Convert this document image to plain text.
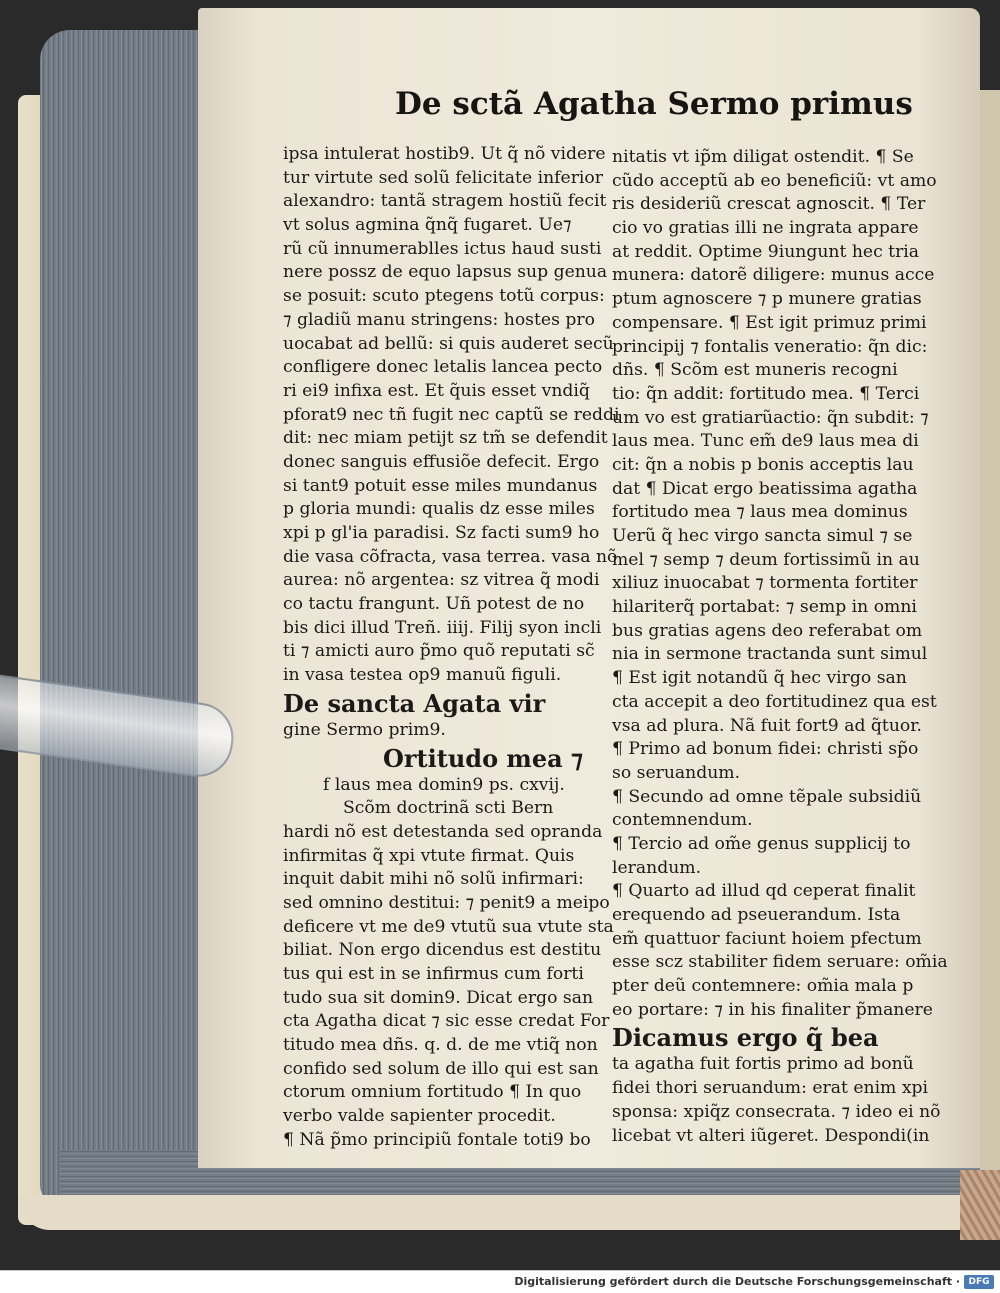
De sctã Agatha Sermo primus
ipsa intulerat hostib9. Ut q̃ nõ videre
tur virtute sed solũ felicitate inferior
alexandro: tantã stragem hostiũ fecit
vt solus agmina q̃nq̃ fugaret. Ue⁊
rũ cũ innumerablles ictus haud susti
nere possz de equo lapsus sup genua
se posuit: scuto ptegens totũ corpus:
⁊ gladiũ manu stringens: hostes pro
uocabat ad bellũ: si quis auderet secũ
confligere donec letalis lancea pecto
ri ei9 infixa est. Et q̃uis esset vndiq̃
pforat9 nec tñ fugit nec captũ se reddi
dit: nec miam petijt sz tm̃ se defendit
donec sanguis effusiõe defecit. Ergo
si tant9 potuit esse miles mundanus
p gloria mundi: qualis dz esse miles
xpi p gl'ia paradisi. Sz facti sum9 ho
die vasa cõfracta, vasa terrea. vasa nõ
aurea: nõ argentea: sz vitrea q̃ modi
co tactu frangunt. Uñ potest de no
bis dici illud Treñ. iiij. Filij syon incli
ti ⁊ amicti auro p̃mo quõ reputati sc̃
in vasa testea op9 manuũ figuli.
De sancta Agata vir
gine Sermo prim9.
Ortitudo mea ⁊
f laus mea domin9 ps. cxvij.
Scõm doctrinã scti Bern
hardi nõ est detestanda sed opranda
infirmitas q̃ xpi vtute firmat. Quis
inquit dabit mihi nõ solũ infirmari:
sed omnino destitui: ⁊ penit9 a meipo
deficere vt me de9 vtutũ sua vtute sta
biliat. Non ergo dicendus est destitu
tus qui est in se infirmus cum forti
tudo sua sit domin9. Dicat ergo san
cta Agatha dicat ⁊ sic esse credat For
titudo mea dñs. q. d. de me vtiq̃ non
confido sed solum de illo qui est san
ctorum omnium fortitudo ¶ In quo
verbo valde sapienter procedit.
¶ Nã p̃mo principiũ fontale toti9 bo
nitatis vt ip̃m diligat ostendit. ¶ Se
cũdo acceptũ ab eo beneficiũ: vt amo
ris desideriũ crescat agnoscit. ¶ Ter
cio vo gratias illi ne ingrata appare
at reddit. Optime 9iungunt hec tria
munera: datorẽ diligere: munus acce
ptum agnoscere ⁊ p munere gratias
compensare. ¶ Est igit primuz primi
principij ⁊ fontalis veneratio: q̃n dic:
dñs. ¶ Scõm est muneris recogni
tio: q̃n addit: fortitudo mea. ¶ Terci
um vo est gratiarũactio: q̃n subdit: ⁊
laus mea. Tunc em̃ de9 laus mea di
cit: q̃n a nobis p bonis acceptis lau
dat ¶ Dicat ergo beatissima agatha
fortitudo mea ⁊ laus mea dominus
Uerũ q̃ hec virgo sancta simul ⁊ se
mel ⁊ semp ⁊ deum fortissimũ in au
xiliuz inuocabat ⁊ tormenta fortiter
hilariterq̃ portabat: ⁊ semp in omni
bus gratias agens deo referabat om
nia in sermone tractanda sunt simul
¶ Est igit notandũ q̃ hec virgo san
cta accepit a deo fortitudinez qua est
vsa ad plura. Nã fuit fort9 ad q̃tuor.
¶ Primo ad bonum fidei: christi sp̃o
so seruandum.
¶ Secundo ad omne tẽpale subsidiũ
contemnendum.
¶ Tercio ad om̃e genus supplicij to
lerandum.
¶ Quarto ad illud qd ceperat finalit
erequendo ad pseuerandum. Ista
em̃ quattuor faciunt hoiem pfectum
esse scz stabiliter fidem seruare: om̃ia
pter deũ contemnere: om̃ia mala p
eo portare: ⁊ in his finaliter p̃manere
Dicamus ergo q̃ bea
ta agatha fuit fortis primo ad bonũ
fidei thori seruandum: erat enim xpi
sponsa: xpiq̃z consecrata. ⁊ ideo ei nõ
licebat vt alteri iũgeret. Despondi(in
Digitalisierung gefördert durch die Deutsche Forschungsgemeinschaft · DFG
